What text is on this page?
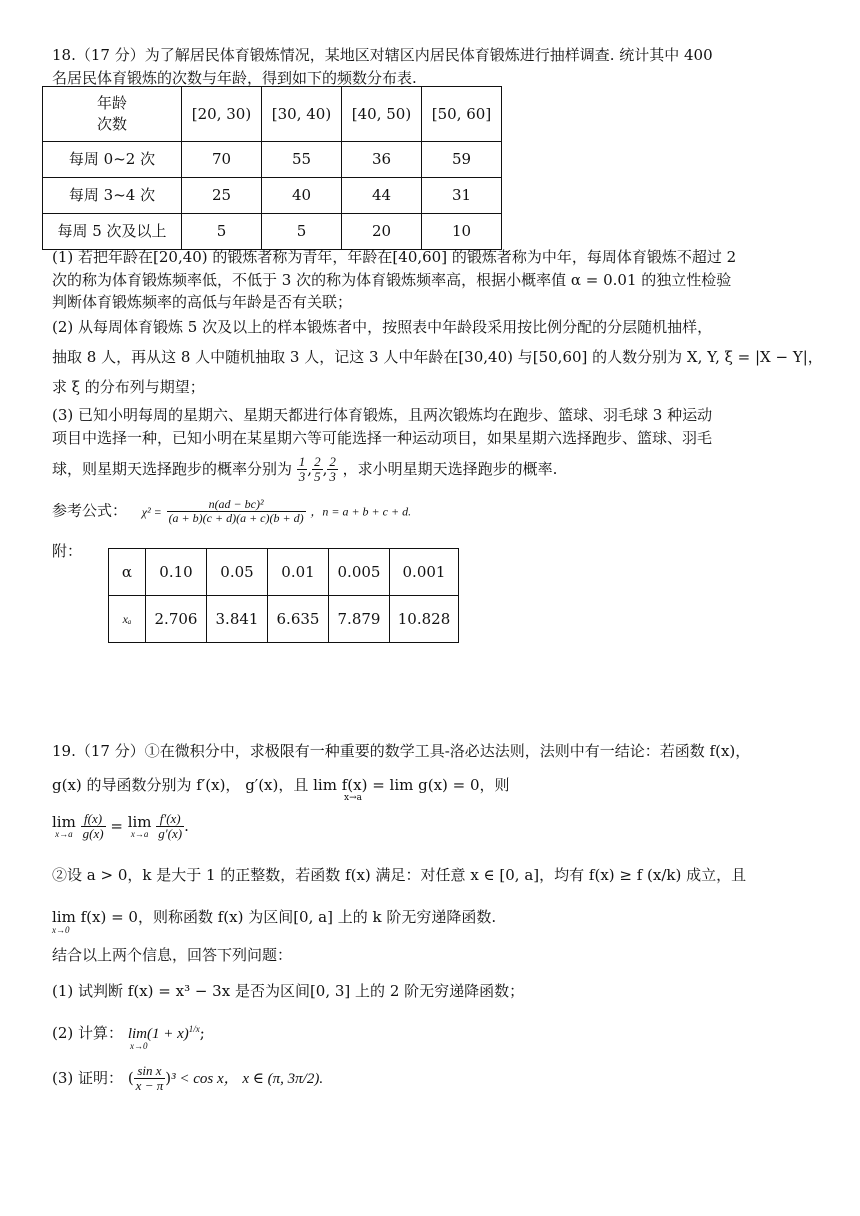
18.（17 分）为了解居民体育锻炼情况，某地区对辖区内居民体育锻炼进行抽样调查. 统计其中 400
名居民体育锻炼的次数与年龄，得到如下的频数分布表.
年龄
次数	[20, 30)	[30, 40)	[40, 50)	[50, 60]
每周 0~2 次	70	55	36	59
每周 3~4 次	25	40	44	31
每周 5 次及以上	5	5	20	10
(1) 若把年龄在[20,40) 的锻炼者称为青年，年龄在[40,60] 的锻炼者称为中年，每周体育锻炼不超过 2
次的称为体育锻炼频率低，不低于 3 次的称为体育锻炼频率高，根据小概率值 α = 0.01 的独立性检验
判断体育锻炼频率的高低与年龄是否有关联；
(2) 从每周体育锻炼 5 次及以上的样本锻炼者中，按照表中年龄段采用按比例分配的分层随机抽样，
抽取 8 人，再从这 8 人中随机抽取 3 人，记这 3 人中年龄在[30,40) 与[50,60] 的人数分别为 X, Y, ξ = |X − Y|，
求 ξ 的分布列与期望；
(3) 已知小明每周的星期六、星期天都进行体育锻炼，且两次锻炼均在跑步、篮球、羽毛球 3 种运动
项目中选择一种，已知小明在某星期六等可能选择一种运动项目，如果星期六选择跑步、篮球、羽毛
球，则星期天选择跑步的概率分别为 $\frac{1}{3}$ , $\frac{2}{5}$ , $\frac{2}{3}$ ，求小明星期天选择跑步的概率.
参考公式： $\chi^2 = \frac{\text{n(ad − bc)²}}{(a + b)(c + d)(a + c)(b + d)}$ ，n = a + b + c + d.
附：
α	0.10	0.05	0.01	0.005	0.001
xₐ	2.706	3.841	6.635	7.879	10.828
19.（17 分）①在微积分中，求极限有一种重要的数学工具-洛必达法则，法则中有一结论：若函数 f(x)，
g(x) 的导函数分别为 f′(x)， g′(x)，且 lim f(x) = lim g(x) = 0，则
x→a
lim
x→a
$\frac{f(x)}{g(x)} = \lim$
x→a
$\frac{f'(x)}{g'(x)}$ .
②设 a > 0，k 是大于 1 的正整数，若函数 f(x) 满足：对任意 x ∈ [0, a]，均有 f(x) ≥ f (x/k) 成立，且
lim f(x) = 0，则称函数 f(x) 为区间[0, a] 上的 k 阶无穷递降函数.
x→0
结合以上两个信息，回答下列问题：
(1) 试判断 f(x) = x³ − 3x 是否为区间[0, 3] 上的 2 阶无穷递降函数；
(2) 计算： $\lim(1 + x)^{1/x}$;
x→0
(3) 证明： ( $\frac{\text{sin x}}{x - \pi} )^3 < \cos x$， x ∈ (π, 3π/2).
